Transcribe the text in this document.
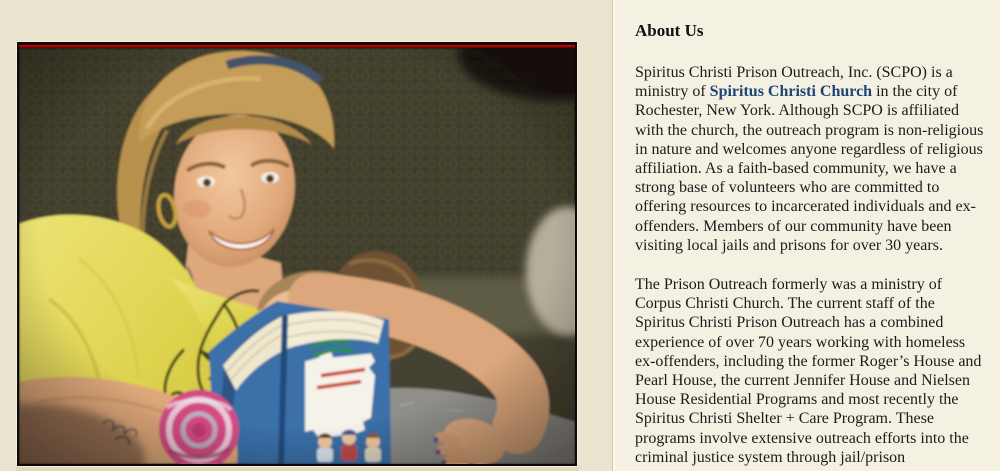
About Us

Spiritus Christi Prison Outreach, Inc. (SCPO) is a ministry of Spiritus Christi Church in the city of Rochester, New York. Although SCPO is affiliated with the church, the outreach program is non-religious in nature and welcomes anyone regardless of religious affiliation. As a faith-based community, we have a strong base of volunteers who are committed to offering resources to incarcerated individuals and ex-offenders. Members of our community have been visiting local jails and prisons for over 30 years.

The Prison Outreach formerly was a ministry of Corpus Christi Church. The current staff of the Spiritus Christi Prison Outreach has a combined experience of over 70 years working with homeless ex-offenders, including the former Roger’s House and Pearl House, the current Jennifer House and Nielsen House Residential Programs and most recently the Spiritus Christi Shelter + Care Program. These programs involve extensive outreach efforts into the criminal justice system through jail/prison
